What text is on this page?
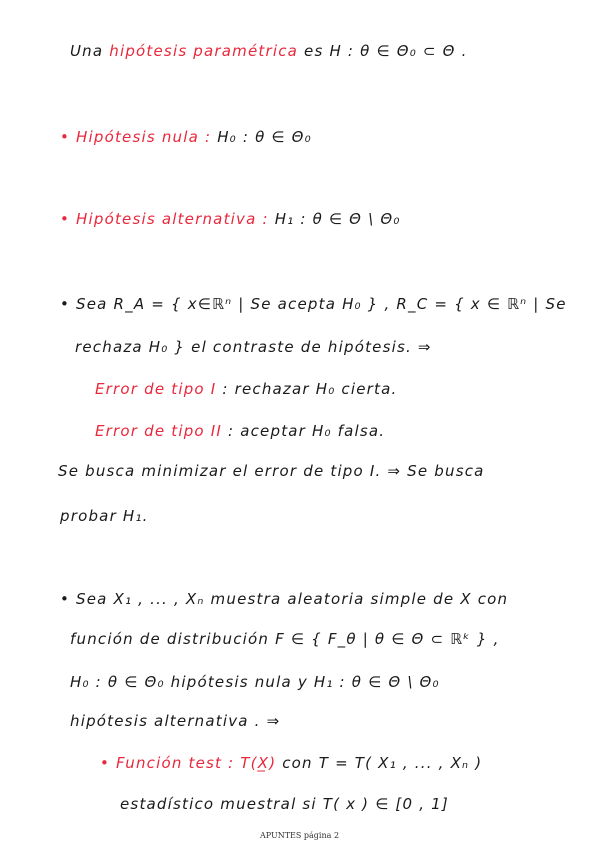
Una hipótesis paramétrica es H : θ ∈ Θ₀ ⊂ Θ .
• Hipótesis nula : H₀ : θ ∈ Θ₀
• Hipótesis alternativa : H₁ : θ ∈ Θ \ Θ₀
• Sea R_A = { x∈ℝⁿ | Se acepta H₀ } , R_C = { x ∈ ℝⁿ | Se
rechaza H₀ } el contraste de hipótesis. ⇒
Error de tipo I : rechazar H₀ cierta.
Error de tipo II : aceptar H₀ falsa.
Se busca minimizar el error de tipo I. ⇒ Se busca
probar H₁.
• Sea X₁ , ... , Xₙ muestra aleatoria simple de X con
función de distribución F ∈ { F_θ | θ ∈ Θ ⊂ ℝᵏ } ,
H₀ : θ ∈ Θ₀ hipótesis nula y H₁ : θ ∈ Θ \ Θ₀
hipótesis alternativa . ⇒
• Función test : T(X̲) con T = T( X₁ , ... , Xₙ )
estadístico muestral si T( x ) ∈ [0 , 1]
APUNTES página 2
